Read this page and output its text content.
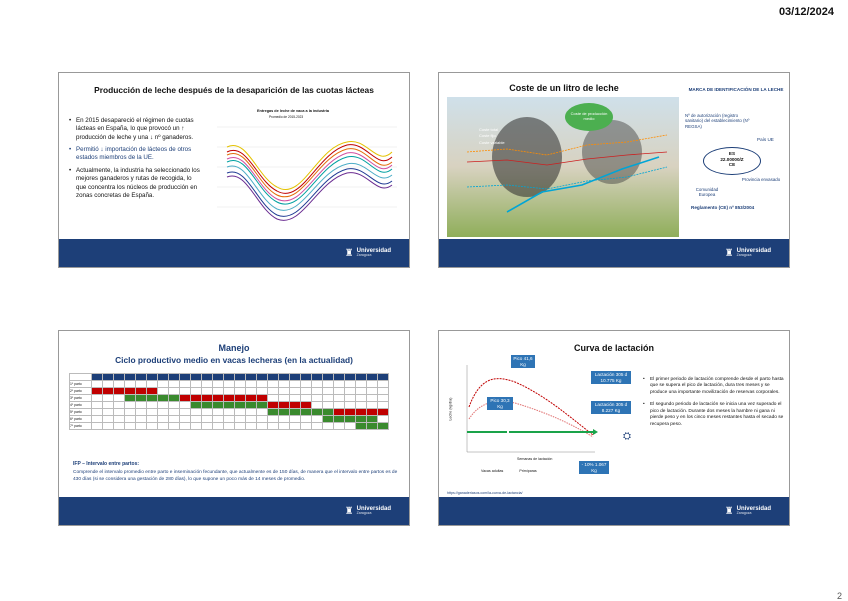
03/12/2024
Producción de leche después de la desaparición de las cuotas lácteas
• En 2015 desapareció el régimen de cuotas lácteas en España, lo que provocó un ↑ producción de leche y una ↓ nº ganaderos.
• Permitió ↓ importación de lácteos de otros estados miembros de la UE.
• Actualmente, la industria ha seleccionado los mejores ganaderos y rutas de recogida, lo que concentra los núcleos de producción en zonas concretas de España.
Entregas de leche de vaca a la industria
Promedio de 2015-2023
♜ Universidad
Zaragoza
Coste de un litro de leche
Coste de producción medio
Coste total
Coste fijo
Coste variable
MARCA DE IDENTIFICACIÓN DE LA LECHE
Nº de autorización (registro sanitario) del establecimiento (Nº REGSA)
País UE
ES
22.00000/Z
CE
Provincia envasado
Comunidad Europea
Reglamento (CE) nº 853/2004
♜ Universidad
Zaragoza
Manejo
Ciclo productivo medio en vacas lecheras (en la actualidad)

1º parto																											
2º parto																											
3º parto																											
4º parto																											
5º parto																											
6º parto																											
7º parto																											
IFP – Intervalo entre partos:
Comprende el intervalo promedio entre parto e inseminación fecundante, que actualmente es de 150 días, de manera que el intervalo entre partos es de 430 días (si se considera una gestación de 280 días), lo que supone un poco más de 14 meses de promedio.
♜ Universidad
Zaragoza
Curva de lactación
Leche (kg/día)
Semanas de lactación
Vacas adultas	Primíparas
Pico 41,6 Kg
Lactación 305 d 10.775 Kg
Pico 30,3 Kg	Lactación 305 d 8.227 Kg
- 10% 1.067 Kg
⛭
• El primer periodo de lactación comprende desde el parto hasta que se supera el pico de lactación, dura tres meses y se produce una importante movilización de reservas corporales.
• El segundo periodo de lactación se inicia una vez superado el pico de lactación. Durante dos meses la hambre ni gana ni pierde peso y en los cinco meses restantes hasta el secado se recupera peso.
https://ganaderiasos.com/la-curva-de-lactancia/
♜ Universidad
Zaragoza
2
